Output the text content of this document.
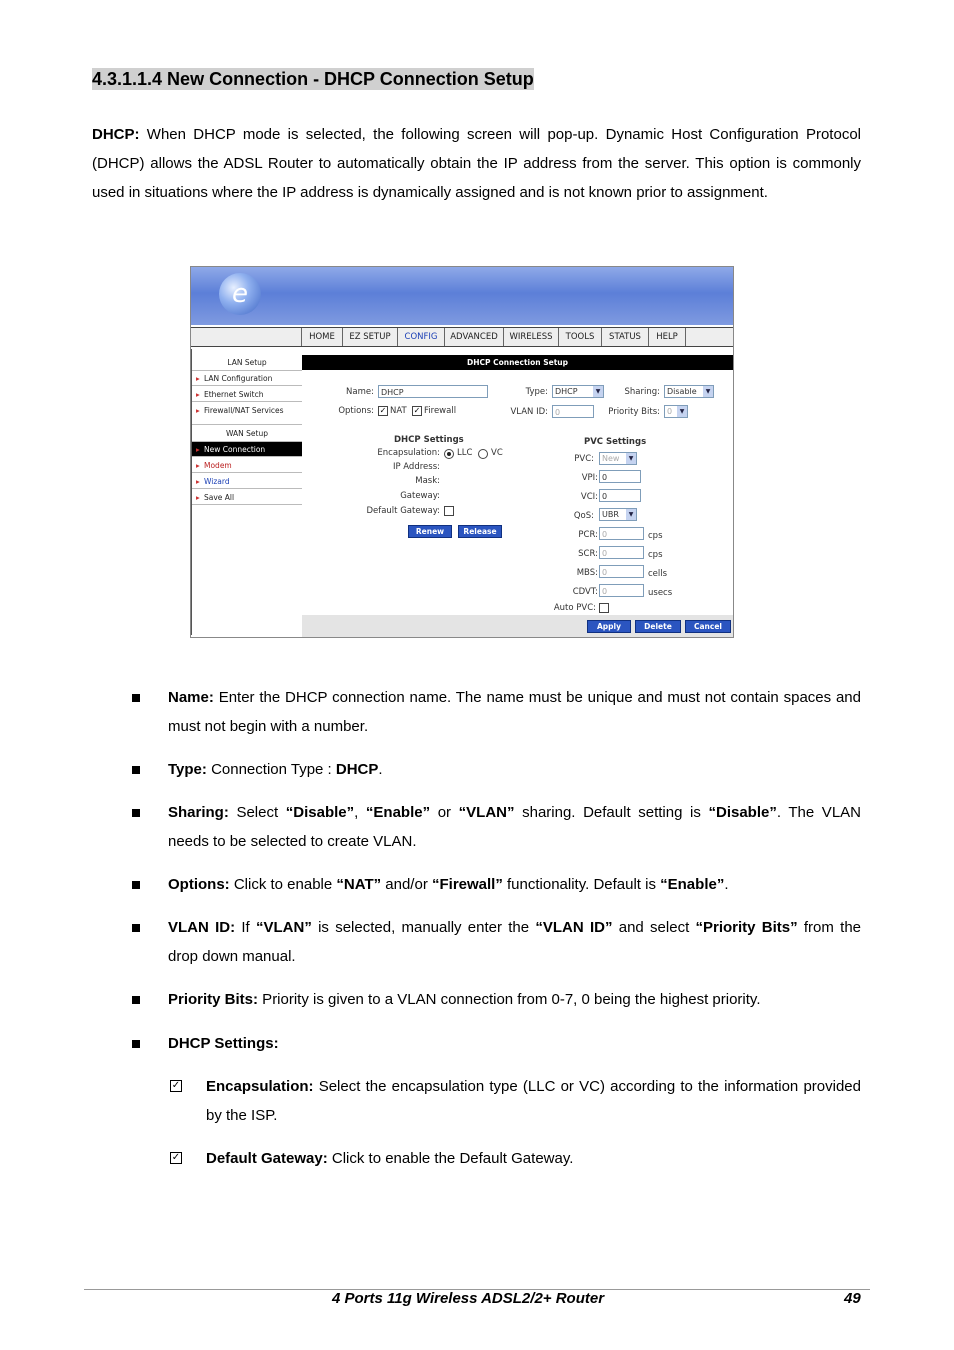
4.3.1.1.4 New Connection - DHCP Connection Setup

DHCP: When DHCP mode is selected, the following screen will pop-up. Dynamic Host Configuration Protocol (DHCP) allows the ADSL Router to automatically obtain the IP address from the server. This option is commonly used in situations where the IP address is dynamically assigned and is not known prior to assignment.

e
HOME	EZ SETUP	CONFIG	ADVANCED	WIRELESS	TOOLS	STATUS	HELP
LAN Setup
▸ LAN Configuration
▸ Ethernet Switch
▸ Firewall/NAT Services
WAN Setup
▸ New Connection
▸ Modem
▸ Wizard
▸ Save All
DHCP Connection Setup
Name: DHCP	Type: DHCP	▼	Sharing: Disable	▼
Options: ✓ NAT ✓ Firewall	VLAN ID: 0	Priority Bits: 0	▼
DHCP Settings
Encapsulation: LLC VC
IP Address:
Mask:
Gateway:
Default Gateway:
Renew	Release
PVC Settings
PVC:	New	▼
VPI: 0
VCI: 0
QoS:	UBR	▼
PCR: 0	cps
SCR: 0	cps
MBS: 0	cells
CDVT: 0	usecs
Auto PVC:
Apply	Delete	Cancel
Name: Enter the DHCP connection name. The name must be unique and must not contain spaces and must not begin with a number.
Type: Connection Type : DHCP.
Sharing: Select “Disable”, “Enable” or “VLAN” sharing. Default setting is “Disable”. The VLAN needs to be selected to create VLAN.
Options: Click to enable “NAT” and/or “Firewall” functionality. Default is “Enable”.
VLAN ID: If “VLAN” is selected, manually enter the “VLAN ID” and select “Priority Bits” from the drop down manual.
Priority Bits: Priority is given to a VLAN connection from 0-7, 0 being the highest priority.
DHCP Settings:
✓ Encapsulation: Select the encapsulation type (LLC or VC) according to the information provided by the ISP.
✓ Default Gateway: Click to enable the Default Gateway.
4 Ports 11g Wireless ADSL2/2+ Router	49
